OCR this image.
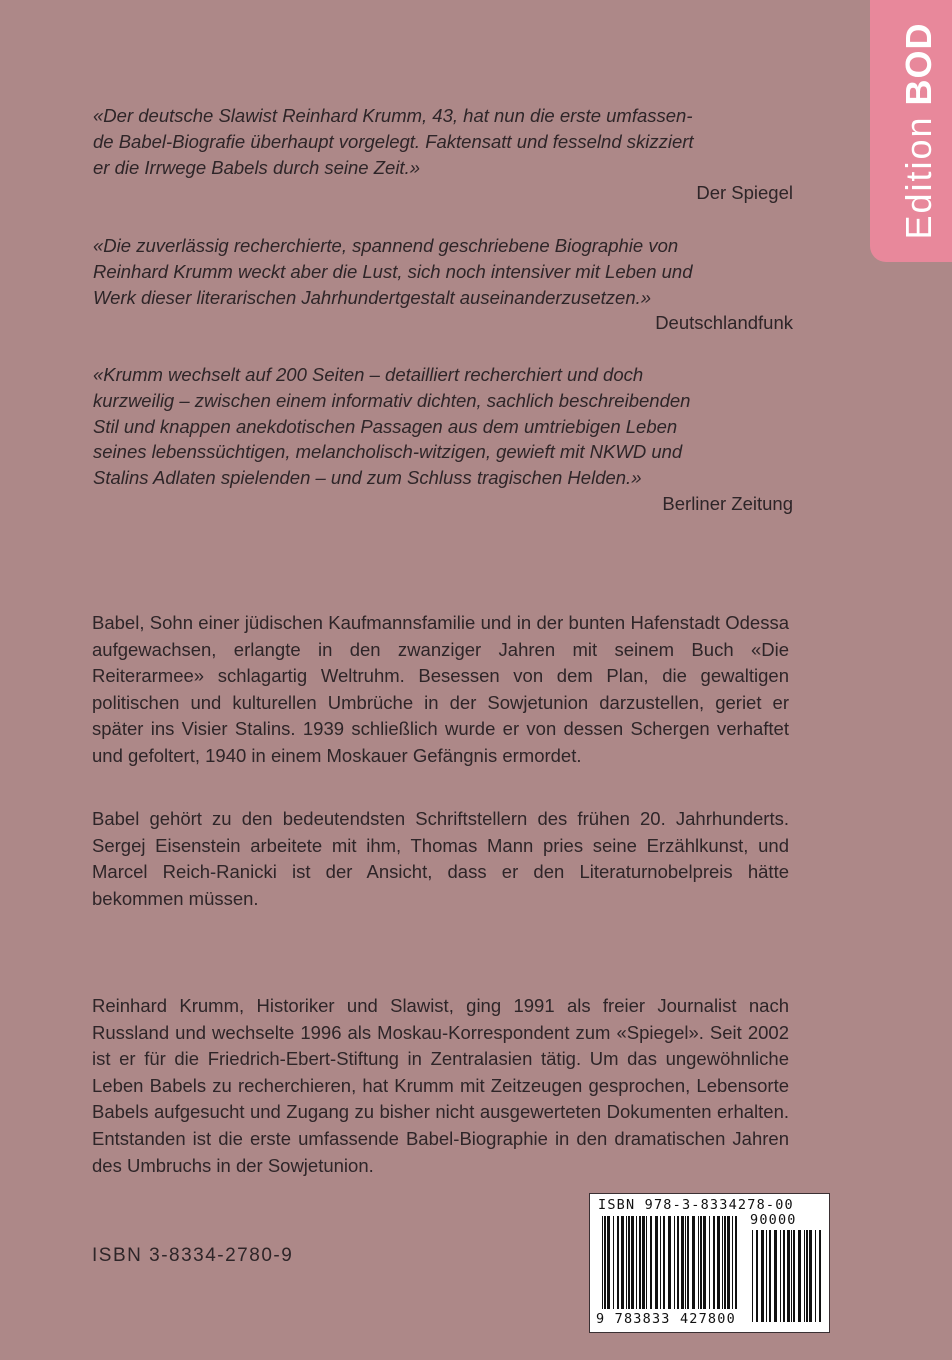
Edition
BOD

«Der deutsche Slawist Reinhard Krumm, 43, hat nun die erste umfassen-

de Babel-Biografie überhaupt vorgelegt. Faktensatt und fesselnd skizziert

er die Irrwege Babels durch seine Zeit.»

Der Spiegel

«Die zuverlässig recherchierte, spannend geschriebene Biographie von

Reinhard Krumm weckt aber die Lust, sich noch intensiver mit Leben und

Werk dieser literarischen Jahrhundertgestalt auseinanderzusetzen.»

Deutschlandfunk

«Krumm wechselt auf 200 Seiten – detailliert recherchiert und doch

kurzweilig – zwischen einem informativ dichten, sachlich beschreibenden

Stil und knappen anekdotischen Passagen aus dem umtriebigen Leben

seines lebenssüchtigen, melancholisch-witzigen, gewieft mit NKWD und

Stalins Adlaten spielenden – und zum Schluss tragischen Helden.»

Berliner Zeitung

Babel, Sohn einer jüdischen Kaufmannsfamilie und in der bunten Hafenstadt Odessa aufgewachsen, erlangte in den zwanziger Jahren mit seinem Buch «Die Reiterarmee» schlagartig Weltruhm. Besessen von dem Plan, die gewaltigen politischen und kulturellen Umbrüche in der Sowjetunion darzustellen, geriet er später ins Visier Stalins. 1939 schließlich wurde er von dessen Schergen verhaftet und gefoltert, 1940 in einem Moskauer Gefängnis ermordet.

Babel gehört zu den bedeutendsten Schriftstellern des frühen 20. Jahrhunderts. Sergej Eisenstein arbeitete mit ihm, Thomas Mann pries seine Erzählkunst, und Marcel Reich-Ranicki ist der Ansicht, dass er den Literaturnobelpreis hätte bekommen müssen.

Reinhard Krumm, Historiker und Slawist, ging 1991 als freier Journalist nach Russland und wechselte 1996 als Moskau-Korrespondent zum «Spiegel». Seit 2002 ist er für die Friedrich-Ebert-Stiftung in Zentralasien tätig. Um das ungewöhnliche Leben Babels zu recherchieren, hat Krumm mit Zeitzeugen gesprochen, Lebensorte Babels aufgesucht und Zugang zu bisher nicht ausgewerteten Dokumenten erhalten. Entstanden ist die erste umfassende Babel-Biographie in den dramatischen Jahren des Umbruchs in der Sowjetunion.

ISBN 3-8334-2780-9
ISBN 978-3-8334278-00
90000
9 783833 427800
